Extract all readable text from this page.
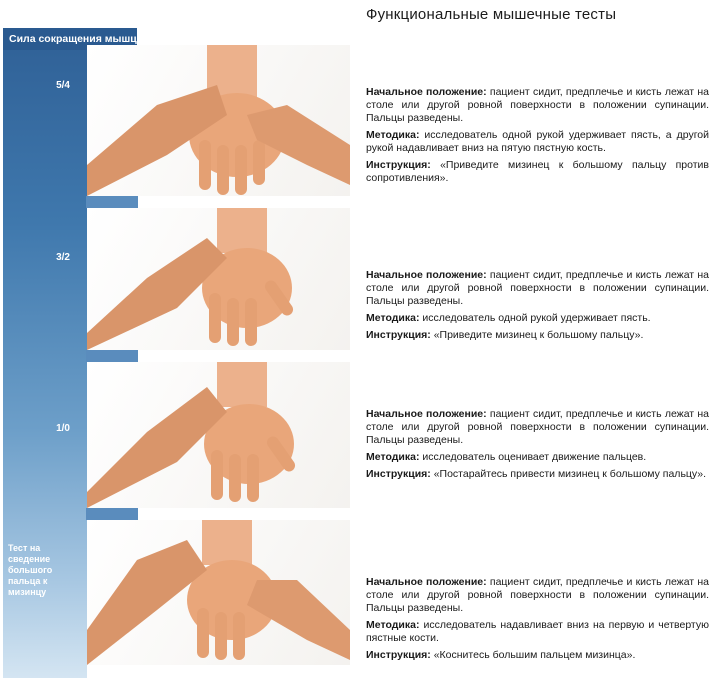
Функциональные мышечные тесты
Сила сокращения мышц
5/4
3/2
1/0
Тест на сведение большого пальца к мизинцу

Начальное положение: пациент сидит, предплечье и кисть лежат на столе или другой ровной поверхности в положении супинации. Пальцы разведены.

Методика: исследователь одной рукой удерживает пясть, а другой рукой надавливает вниз на пятую пястную кость.

Инструкция: «Приведите мизинец к большому пальцу против сопротивления».

Начальное положение: пациент сидит, предплечье и кисть лежат на столе или другой ровной поверхности в положении супинации. Пальцы разведены.

Методика: исследователь одной рукой удерживает пясть.

Инструкция: «Приведите мизинец к большому пальцу».

Начальное положение: пациент сидит, предплечье и кисть лежат на столе или другой ровной поверхности в положении супинации. Пальцы разведены.

Методика: исследователь оценивает движение пальцев.

Инструкция: «Постарайтесь привести мизинец к большому пальцу».

Начальное положение: пациент сидит, предплечье и кисть лежат на столе или другой ровной поверхности в положении супинации. Пальцы разведены.

Методика: исследователь надавливает вниз на первую и четвертую пястные кости.

Инструкция: «Коснитесь большим пальцем мизинца».
